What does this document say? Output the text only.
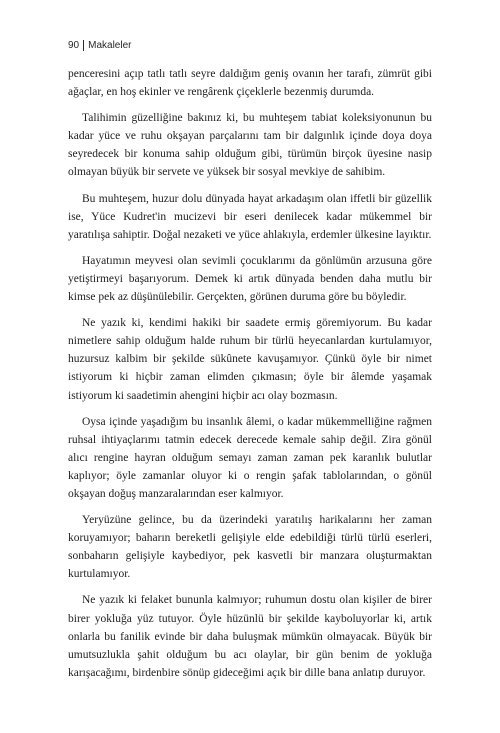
90 Makaleler

penceresini açıp tatlı tatlı seyre daldığım geniş ovanın her tarafı, zümrüt gibi ağaçlar, en hoş ekinler ve rengârenk çiçeklerle bezenmiş durumda.

Talihimin güzelliğine bakınız ki, bu muhteşem tabiat koleksiyonunun bu kadar yüce ve ruhu okşayan parçalarını tam bir dalgınlık içinde doya doya seyredecek bir konuma sahip olduğum gibi, türümün birçok üyesine nasip olmayan büyük bir servete ve yüksek bir sosyal mevkiye de sahibim.

Bu muhteşem, huzur dolu dünyada hayat arkadaşım olan iffetli bir güzellik ise, Yüce Kudret'in mucizevi bir eseri denilecek kadar mükemmel bir yaratılışa sahiptir. Doğal nezaketi ve yüce ahlakıyla, erdemler ülkesine layıktır.

Hayatımın meyvesi olan sevimli çocuklarımı da gönlümün arzusuna göre yetiştirmeyi başarıyorum. Demek ki artık dünyada benden daha mutlu bir kimse pek az düşünülebilir. Gerçekten, görünen duruma göre bu böyledir.

Ne yazık ki, kendimi hakiki bir saadete ermiş göremiyorum. Bu kadar nimetlere sahip olduğum halde ruhum bir türlü heyecanlardan kurtulamıyor, huzursuz kalbim bir şekilde sükûnete kavuşamıyor. Çünkü öyle bir nimet istiyorum ki hiçbir zaman elimden çıkmasın; öyle bir âlemde yaşamak istiyorum ki saadetimin ahengini hiçbir acı olay bozmasın.

Oysa içinde yaşadığım bu insanlık âlemi, o kadar mükemmelliğine rağmen ruhsal ihtiyaçlarımı tatmin edecek derecede kemale sahip değil. Zira gönül alıcı rengine hayran olduğum semayı zaman zaman pek karanlık bulutlar kaplıyor; öyle zamanlar oluyor ki o rengin şafak tablolarından, o gönül okşayan doğuş manzaralarından eser kalmıyor.

Yeryüzüne gelince, bu da üzerindeki yaratılış harikalarını her zaman koruyamıyor; baharın bereketli gelişiyle elde edebildiği türlü türlü eserleri, sonbaharın gelişiyle kaybediyor, pek kasvetli bir manzara oluşturmaktan kurtulamıyor.

Ne yazık ki felaket bununla kalmıyor; ruhumun dostu olan kişiler de birer birer yokluğa yüz tutuyor. Öyle hüzünlü bir şekilde kayboluyorlar ki, artık onlarla bu fanilik evinde bir daha buluşmak mümkün olmayacak. Büyük bir umutsuzlukla şahit olduğum bu acı olaylar, bir gün benim de yokluğa karışacağımı, birdenbire sönüp gideceğimi açık bir dille bana anlatıp duruyor.
